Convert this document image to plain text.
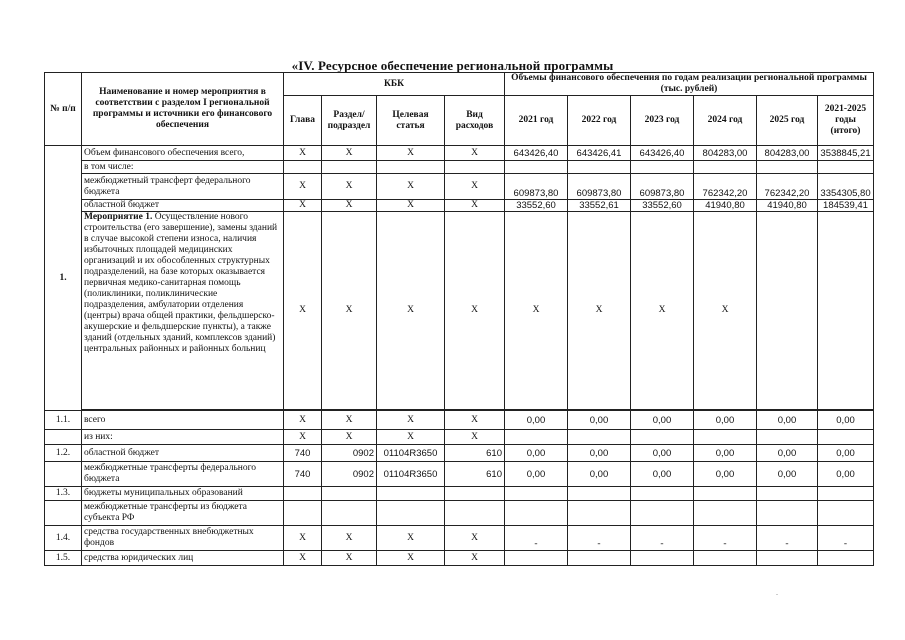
«IV. Ресурсное обеспечение региональной программы
№ п/п	Наименование и номер мероприятия в соответствии с разделом I региональной программы и источники его финансового обеспечения	КБК				Объемы финансового обеспечения по годам реализации региональной программы (тыс. рублей)					
		Глава	Раздел/ подраздел	Целевая статья	Вид расходов	2021 год	2022 год	2023 год	2024 год	2025 год	2021-2025 годы (итого)
1.	Объем финансового обеспечения всего,	X	X	X	X	643426,40	643426,41	643426,40	804283,00	804283,00	3538845,21
	в том числе:										
	межбюджетный трансферт федерального бюджета	X	X	X	X	609873,80	609873,80	609873,80	762342,20	762342,20	3354305,80
	областной бюджет	X	X	X	X	33552,60	33552,61	33552,60	41940,80	41940,80	184539,41
	Мероприятие 1. Осуществление нового строительства (его завершение), замены зданий в случае высокой степени износа, наличия избыточных площадей медицинских организаций и их обособленных структурных подразделений, на базе которых оказывается первичная медико-санитарная помощь (поликлиники, поликлинические подразделения, амбулатории отделения (центры) врача общей практики, фельдшерско-акушерские и фельдшерские пункты), а также зданий (отдельных зданий, комплексов зданий) центральных районных и районных больниц	X	X	X	X	X	X	X	X		

1.1.	всего	X	X	X	X	0,00	0,00	0,00	0,00	0,00	0,00
	из них:	X	X	X	X						
1.2.	областной бюджет	740	0902	01104R3650	610	0,00	0,00	0,00	0,00	0,00	0,00
	межбюджетные трансферты федерального бюджета	740	0902	01104R3650	610	0,00	0,00	0,00	0,00	0,00	0,00
1.3.	бюджеты муниципальных образований										
	межбюджетные трансферты из бюджета субъекта РФ										
1.4.	средства государственных внебюджетных фондов	X	X	X	X	-	-	-	-	-	-
1.5.	средства юридических лиц	X	X	X	X						
-
